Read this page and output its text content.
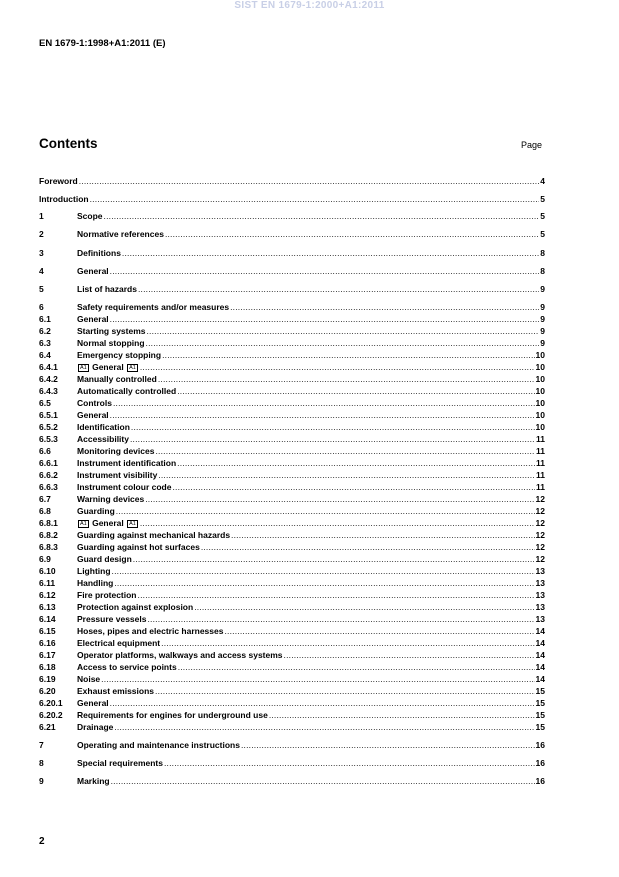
SIST EN 1679-1:2000+A1:2011
EN 1679-1:1998+A1:2011 (E)
Contents	Page
Foreword .....	4
Introduction .....	5
1	Scope .....	5
2	Normative references .....	5
3	Definitions .....	8
4	General .....	8
5	List of hazards .....	9
6	Safety requirements and/or measures .....	9
6.1	General .....	9
6.2	Starting systems .....	9
6.3	Normal stopping .....	9
6.4	Emergency stopping .....	10
6.4.1	A1 General A1 .....	10
6.4.2	Manually controlled .....	10
6.4.3	Automatically controlled .....	10
6.5	Controls .....	10
6.5.1	General .....	10
6.5.2	Identification .....	10
6.5.3	Accessibility .....	11
6.6	Monitoring devices .....	11
6.6.1	Instrument identification .....	11
6.6.2	Instrument visibility .....	11
6.6.3	Instrument colour code .....	11
6.7	Warning devices .....	12
6.8	Guarding .....	12
6.8.1	A1 General A1 .....	12
6.8.2	Guarding against mechanical hazards .....	12
6.8.3	Guarding against hot surfaces .....	12
6.9	Guard design .....	12
6.10	Lighting .....	13
6.11	Handling .....	13
6.12	Fire protection .....	13
6.13	Protection against explosion .....	13
6.14	Pressure vessels .....	13
6.15	Hoses, pipes and electric harnesses .....	14
6.16	Electrical equipment .....	14
6.17	Operator platforms, walkways and access systems .....	14
6.18	Access to service points .....	14
6.19	Noise .....	14
6.20	Exhaust emissions .....	15
6.20.1	General .....	15
6.20.2	Requirements for engines for underground use .....	15
6.21	Drainage .....	15
7	Operating and maintenance instructions .....	16
8	Special requirements .....	16
9	Marking .....	16
2
